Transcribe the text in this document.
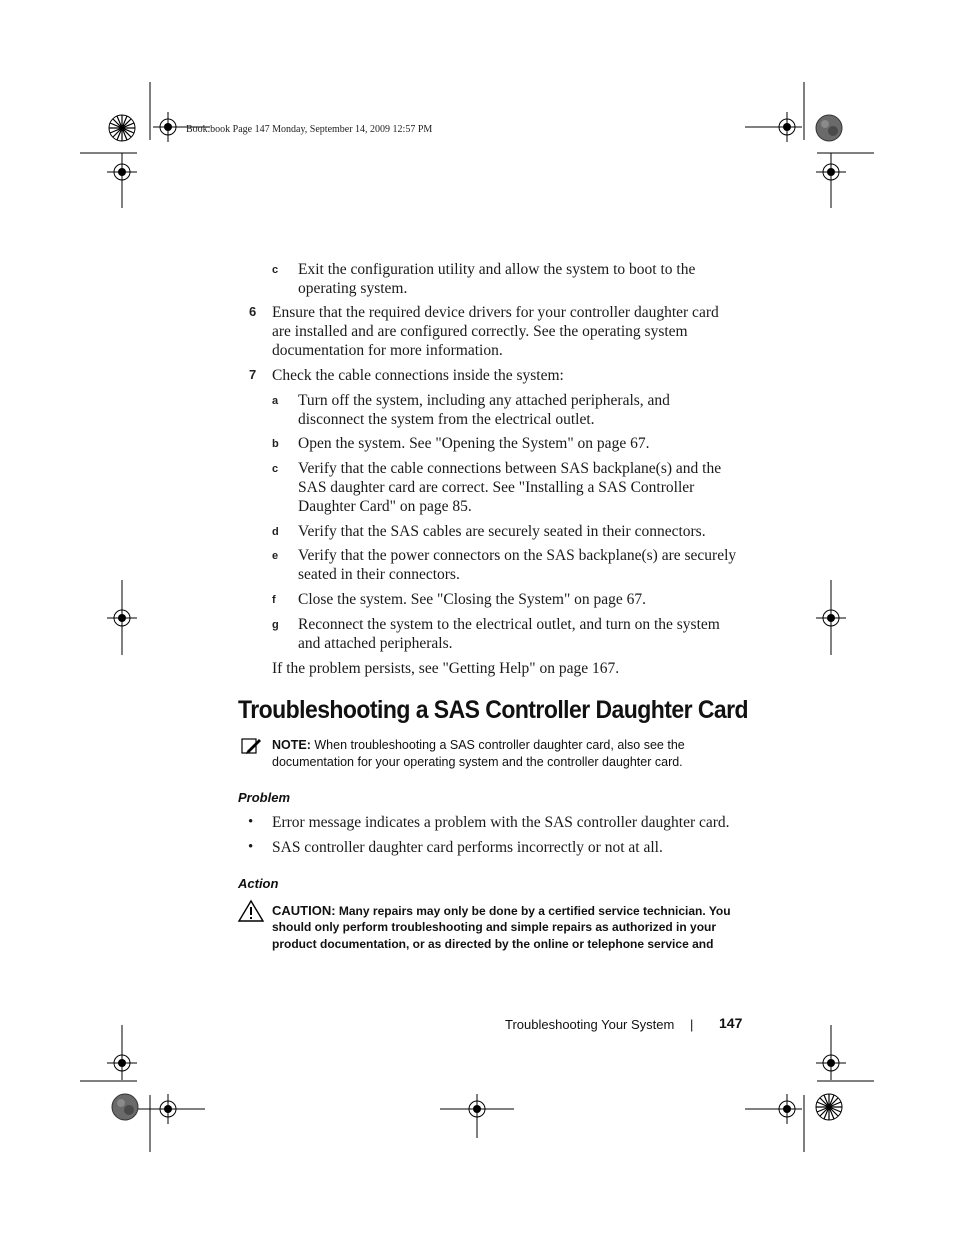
Book.book Page 147 Monday, September 14, 2009 12:57 PM
c Exit the configuration utility and allow the system to boot to the
operating system.
6 Ensure that the required device drivers for your controller daughter card
are installed and are configured correctly. See the operating system
documentation for more information.
7 Check the cable connections inside the system:
a Turn off the system, including any attached peripherals, and
disconnect the system from the electrical outlet.
b Open the system. See "Opening the System" on page 67.
c Verify that the cable connections between SAS backplane(s) and the
SAS daughter card are correct. See "Installing a SAS Controller
Daughter Card" on page 85.
d Verify that the SAS cables are securely seated in their connectors.
e Verify that the power connectors on the SAS backplane(s) are securely
seated in their connectors.
f Close the system. See "Closing the System" on page 67.
g Reconnect the system to the electrical outlet, and turn on the system
and attached peripherals.
If the problem persists, see "Getting Help" on page 167.
Troubleshooting a SAS Controller Daughter Card
NOTE: When troubleshooting a SAS controller daughter card, also see the
documentation for your operating system and the controller daughter card.
Problem
• Error message indicates a problem with the SAS controller daughter card.
• SAS controller daughter card performs incorrectly or not at all.
Action
CAUTION: Many repairs may only be done by a certified service technician. You
should only perform troubleshooting and simple repairs as authorized in your
product documentation, or as directed by the online or telephone service and
Troubleshooting Your System | 147
